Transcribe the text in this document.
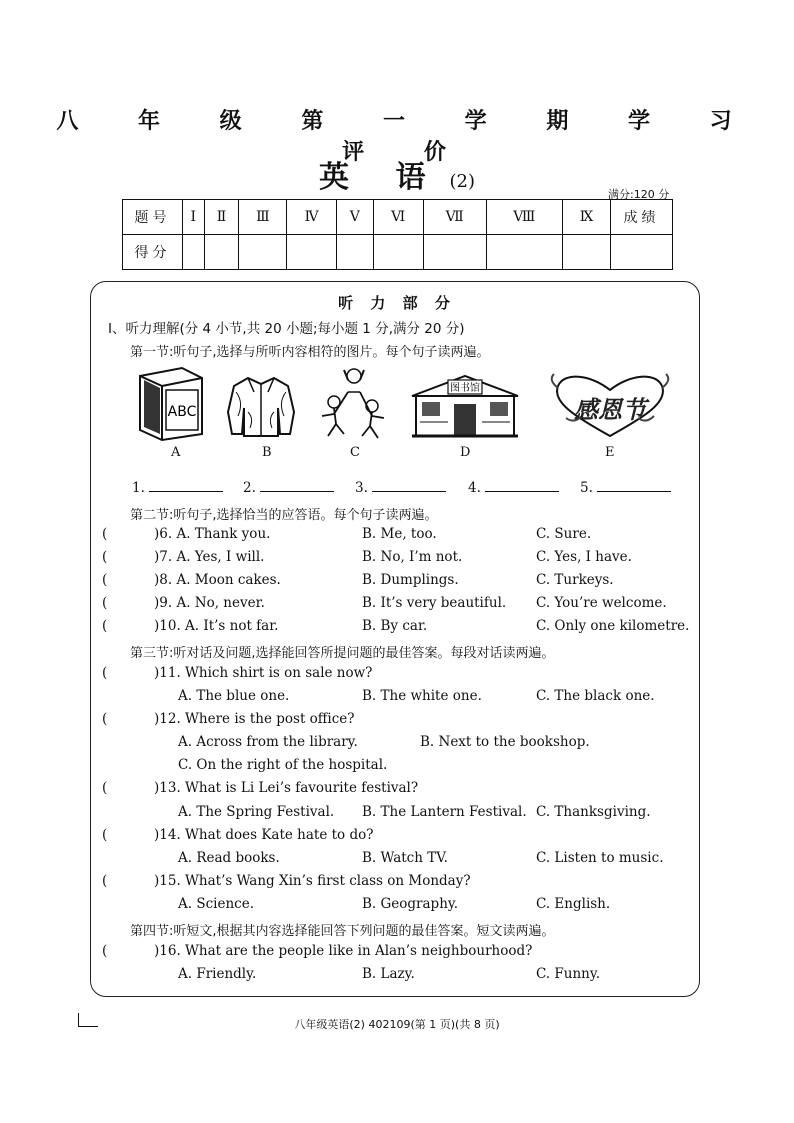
八 年 级 第 一 学 期 学 习 评 价
英 语 (2)
满分:120 分
题号	Ⅰ	Ⅱ	Ⅲ	Ⅳ	Ⅴ	Ⅵ	Ⅶ	Ⅷ	Ⅸ	成绩
得分										
听 力 部 分
Ⅰ、听力理解(分 4 小节,共 20 小题;每小题 1 分,满分 20 分)
第一节:听句子,选择与所听内容相符的图片。每个句子读两遍。
ABC
图书馆
感恩节
A	B	C	D	E
1.	2.	3.	4.	5.
第二节:听句子,选择恰当的应答语。每个句子读两遍。
(	)6. A. Thank you.	B. Me, too.	C. Sure.
(	)7. A. Yes, I will.	B. No, I’m not.	C. Yes, I have.
(	)8. A. Moon cakes.	B. Dumplings.	C. Turkeys.
(	)9. A. No, never.	B. It’s very beautiful. C. You’re welcome.
(	)10. A. It’s not far.	B. By car.	C. Only one kilometre.
第三节:听对话及问题,选择能回答所提问题的最佳答案。每段对话读两遍。
(	)11. Which shirt is on sale now?
A. The blue one.	B. The white one.	C. The black one.
(	)12. Where is the post office?
A. Across from the library.	B. Next to the bookshop.
C. On the right of the hospital.
(	)13. What is Li Lei’s favourite festival?
A. The Spring Festival. B. The Lantern Festival. C. Thanksgiving.
(	)14. What does Kate hate to do?
A. Read books.	B. Watch TV.	C. Listen to music.
(	)15. What’s Wang Xin’s first class on Monday?
A. Science.	B. Geography.	C. English.
第四节:听短文,根据其内容选择能回答下列问题的最佳答案。短文读两遍。
(	)16. What are the people like in Alan’s neighbourhood?
A. Friendly.	B. Lazy.	C. Funny.
八年级英语(2) 402109(第 1 页)(共 8 页)
